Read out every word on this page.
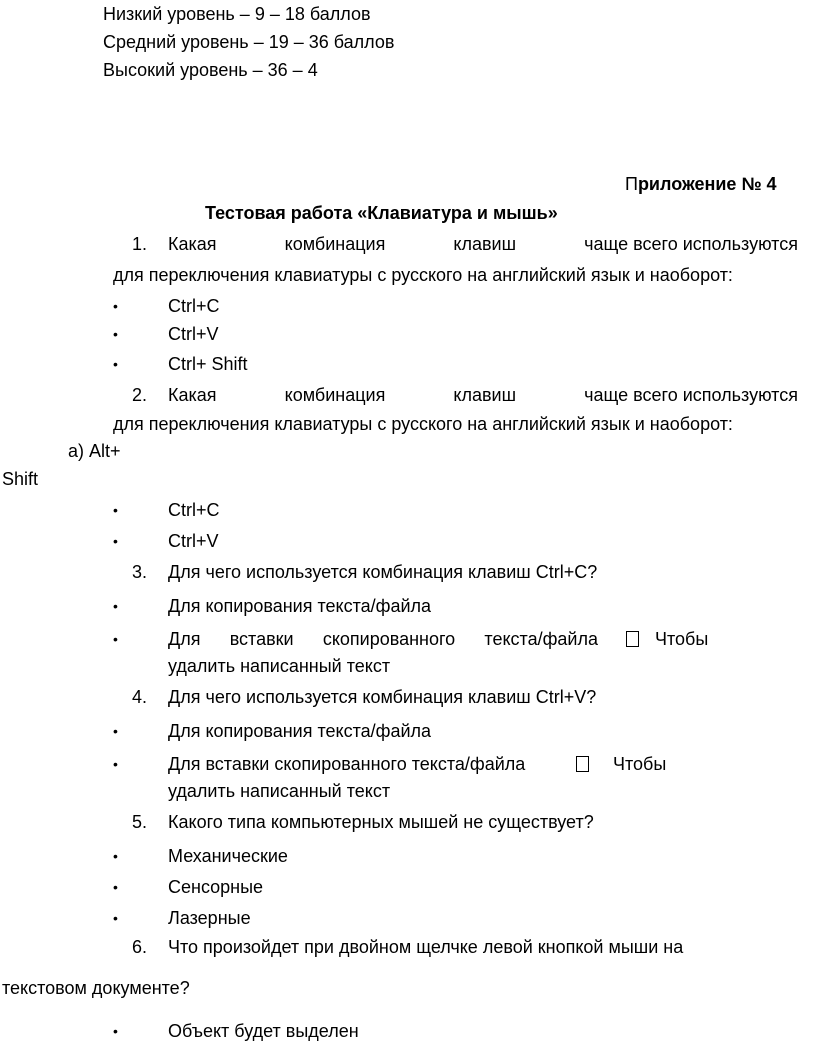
Низкий уровень – 9 – 18 баллов
Средний уровень – 19 – 36 баллов
Высокий уровень – 36 – 4
Приложение № 4
Тестовая работа «Клавиатура и мышь»
1. Какая	комбинация	клавиш	чаще всего используются
для переключения клавиатуры с русского на английский язык и наоборот:
•	Ctrl+C
•	Ctrl+V
•	Ctrl+ Shift
2. Какая	комбинация	клавиш	чаще всего используются
для переключения клавиатуры с русского на английский язык и наоборот:
а) Alt+
Shift
•	Ctrl+C
•	Ctrl+V
3. Для чего используется комбинация клавиш Ctrl+C?
•	Для копирования текста/файла
•	Для вставки скопированного текста/файла	Чтобы
удалить написанный текст
4. Для чего используется комбинация клавиш Ctrl+V?
•	Для копирования текста/файла
•	Для вставки скопированного текста/файла	Чтобы
удалить написанный текст
5. Какого типа компьютерных мышей не существует?
•	Механические
•	Сенсорные
•	Лазерные
6. Что произойдет при двойном щелчке левой кнопкой мыши на
текстовом документе?
•	Объект будет выделен
